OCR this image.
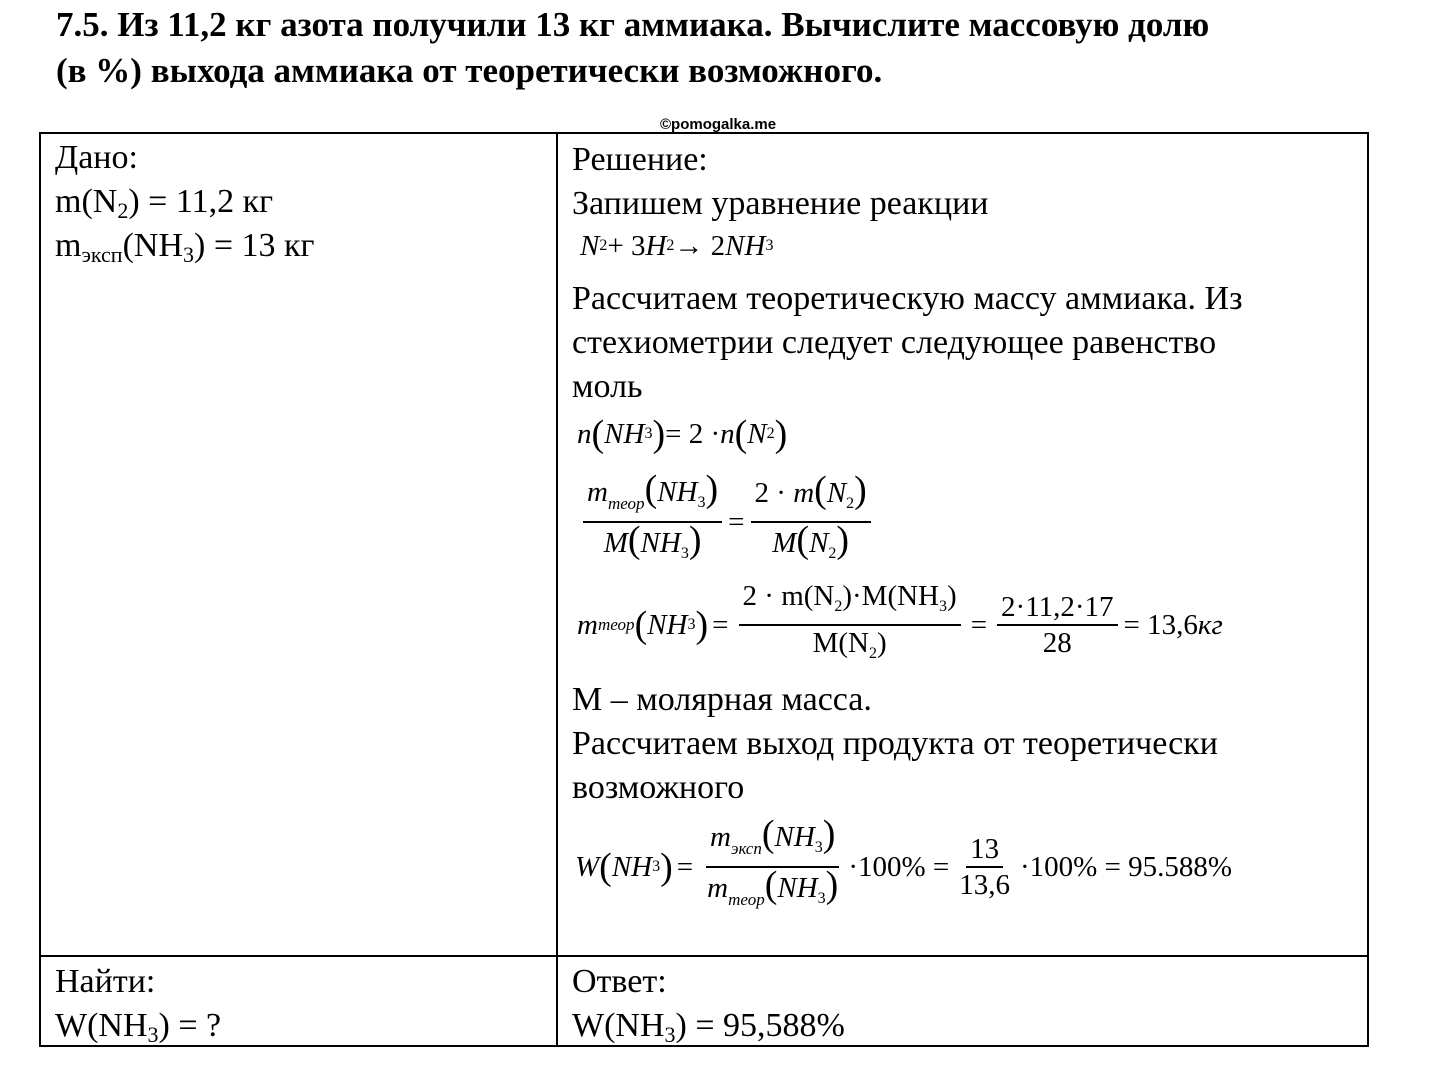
7.5. Из 11,2 кг азота получили 13 кг аммиака. Вычислите массовую долю
(в %) выхода аммиака от теоретически возможного.
©pomogalka.me

Дано:

$m(N_2) = 11,2$ кг

$m_{эксп}(NH_3) = 13$ кг

Найти:

$W(NH_3)$ = ?

Решение:

Запишем уравнение реакции

N 2 + 3 H 2 → 2 NH 3

Рассчитаем теоретическую массу аммиака. Из

стехиометрии следует следующее равенство

моль

n ( NH 3 ) = 2 · n ( N 2 )
$\frac{m_{теор}(NH_3)}{M(NH_3)} = \frac{2 \cdot m(N_2)}{M(N_2)}$
m теор ( NH 3 ) = $\frac{2 \cdot m(N_2)\cdot M(NH_3)}{M(N_2)} = \frac{2\cdot 11,2\cdot 17}{28} = 13,6$ кг

M – молярная масса.

Рассчитаем выход продукта от теоретически

возможного

W ( NH 3 ) = $\frac{m_{эксп}(NH_3)}{m_{теор}(NH_3)} \cdot 100\% = \frac{13}{13,6} \cdot 100\% = 95.588\%$

Ответ:

$W(NH_3) = 95,588\%$
